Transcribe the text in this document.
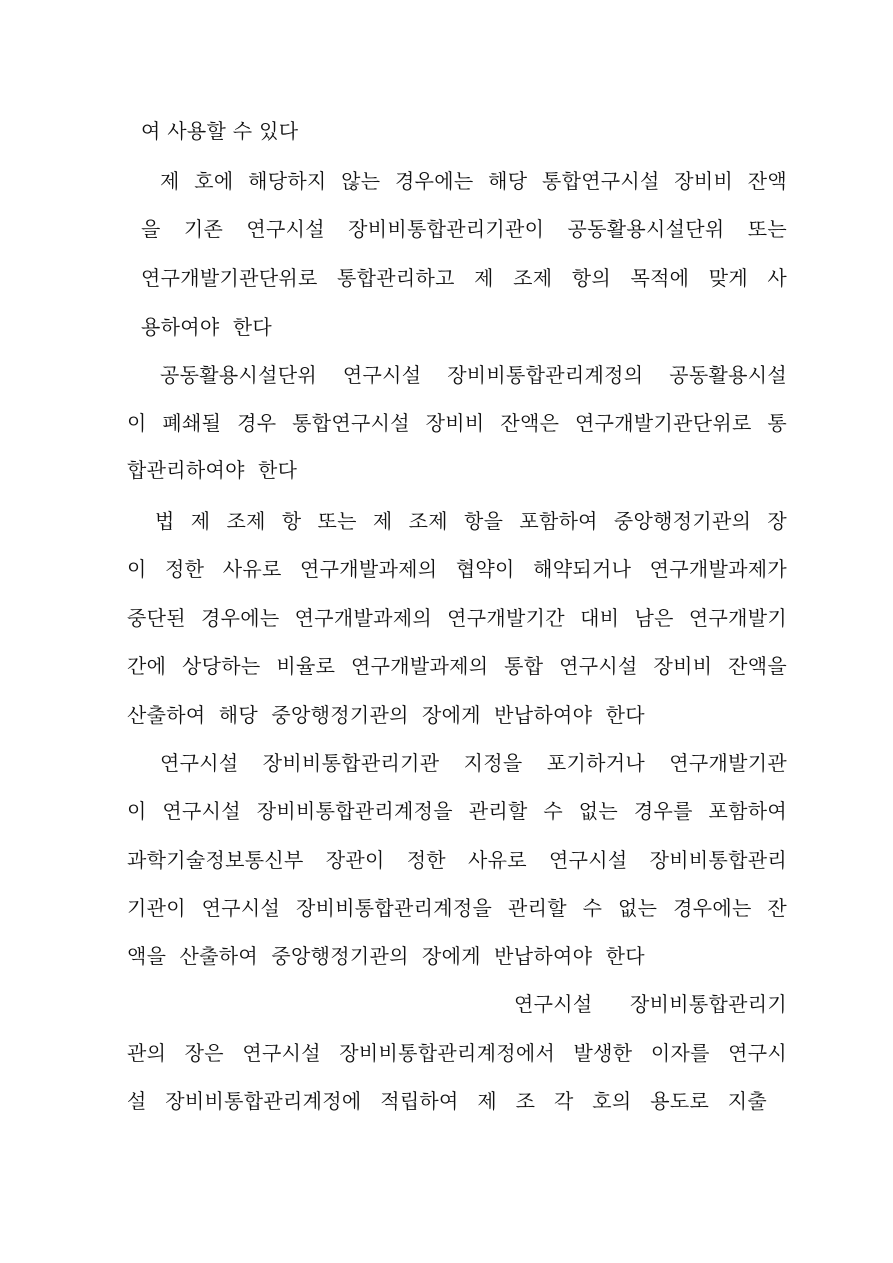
여 사용할 수 있다
제 호에 해당하지 않는 경우에는 해당 통합연구시설 장비비 잔액
을 기존 연구시설 장비비통합관리기관이 공동활용시설단위 또는
연구개발기관단위로 통합관리하고 제 조제 항의 목적에 맞게 사
용하여야  한다
공동활용시설단위 연구시설 장비비통합관리계정의 공동활용시설
이 폐쇄될 경우 통합연구시설 장비비 잔액은 연구개발기관단위로 통
합관리하여야  한다
법 제 조제 항 또는 제 조제 항을 포함하여 중앙행정기관의 장
이 정한 사유로 연구개발과제의 협약이 해약되거나 연구개발과제가
중단된 경우에는 연구개발과제의 연구개발기간 대비 남은 연구개발기
간에 상당하는 비율로 연구개발과제의 통합 연구시설 장비비 잔액을
산출하여  해당  중앙행정기관의  장에게  반납하여야  한다
연구시설 장비비통합관리기관 지정을 포기하거나 연구개발기관
이 연구시설 장비비통합관리계정을 관리할 수 없는 경우를 포함하여
과학기술정보통신부 장관이 정한 사유로 연구시설 장비비통합관리
기관이 연구시설 장비비통합관리계정을 관리할 수 없는 경우에는 잔
액을  산출하여  중앙행정기관의  장에게  반납하여야  한다
연구시설 장비비통합관리기
관의 장은 연구시설 장비비통합관리계정에서 발생한 이자를 연구시
설 장비비통합관리계정에 적립하여 제 조 각 호의 용도로 지출
